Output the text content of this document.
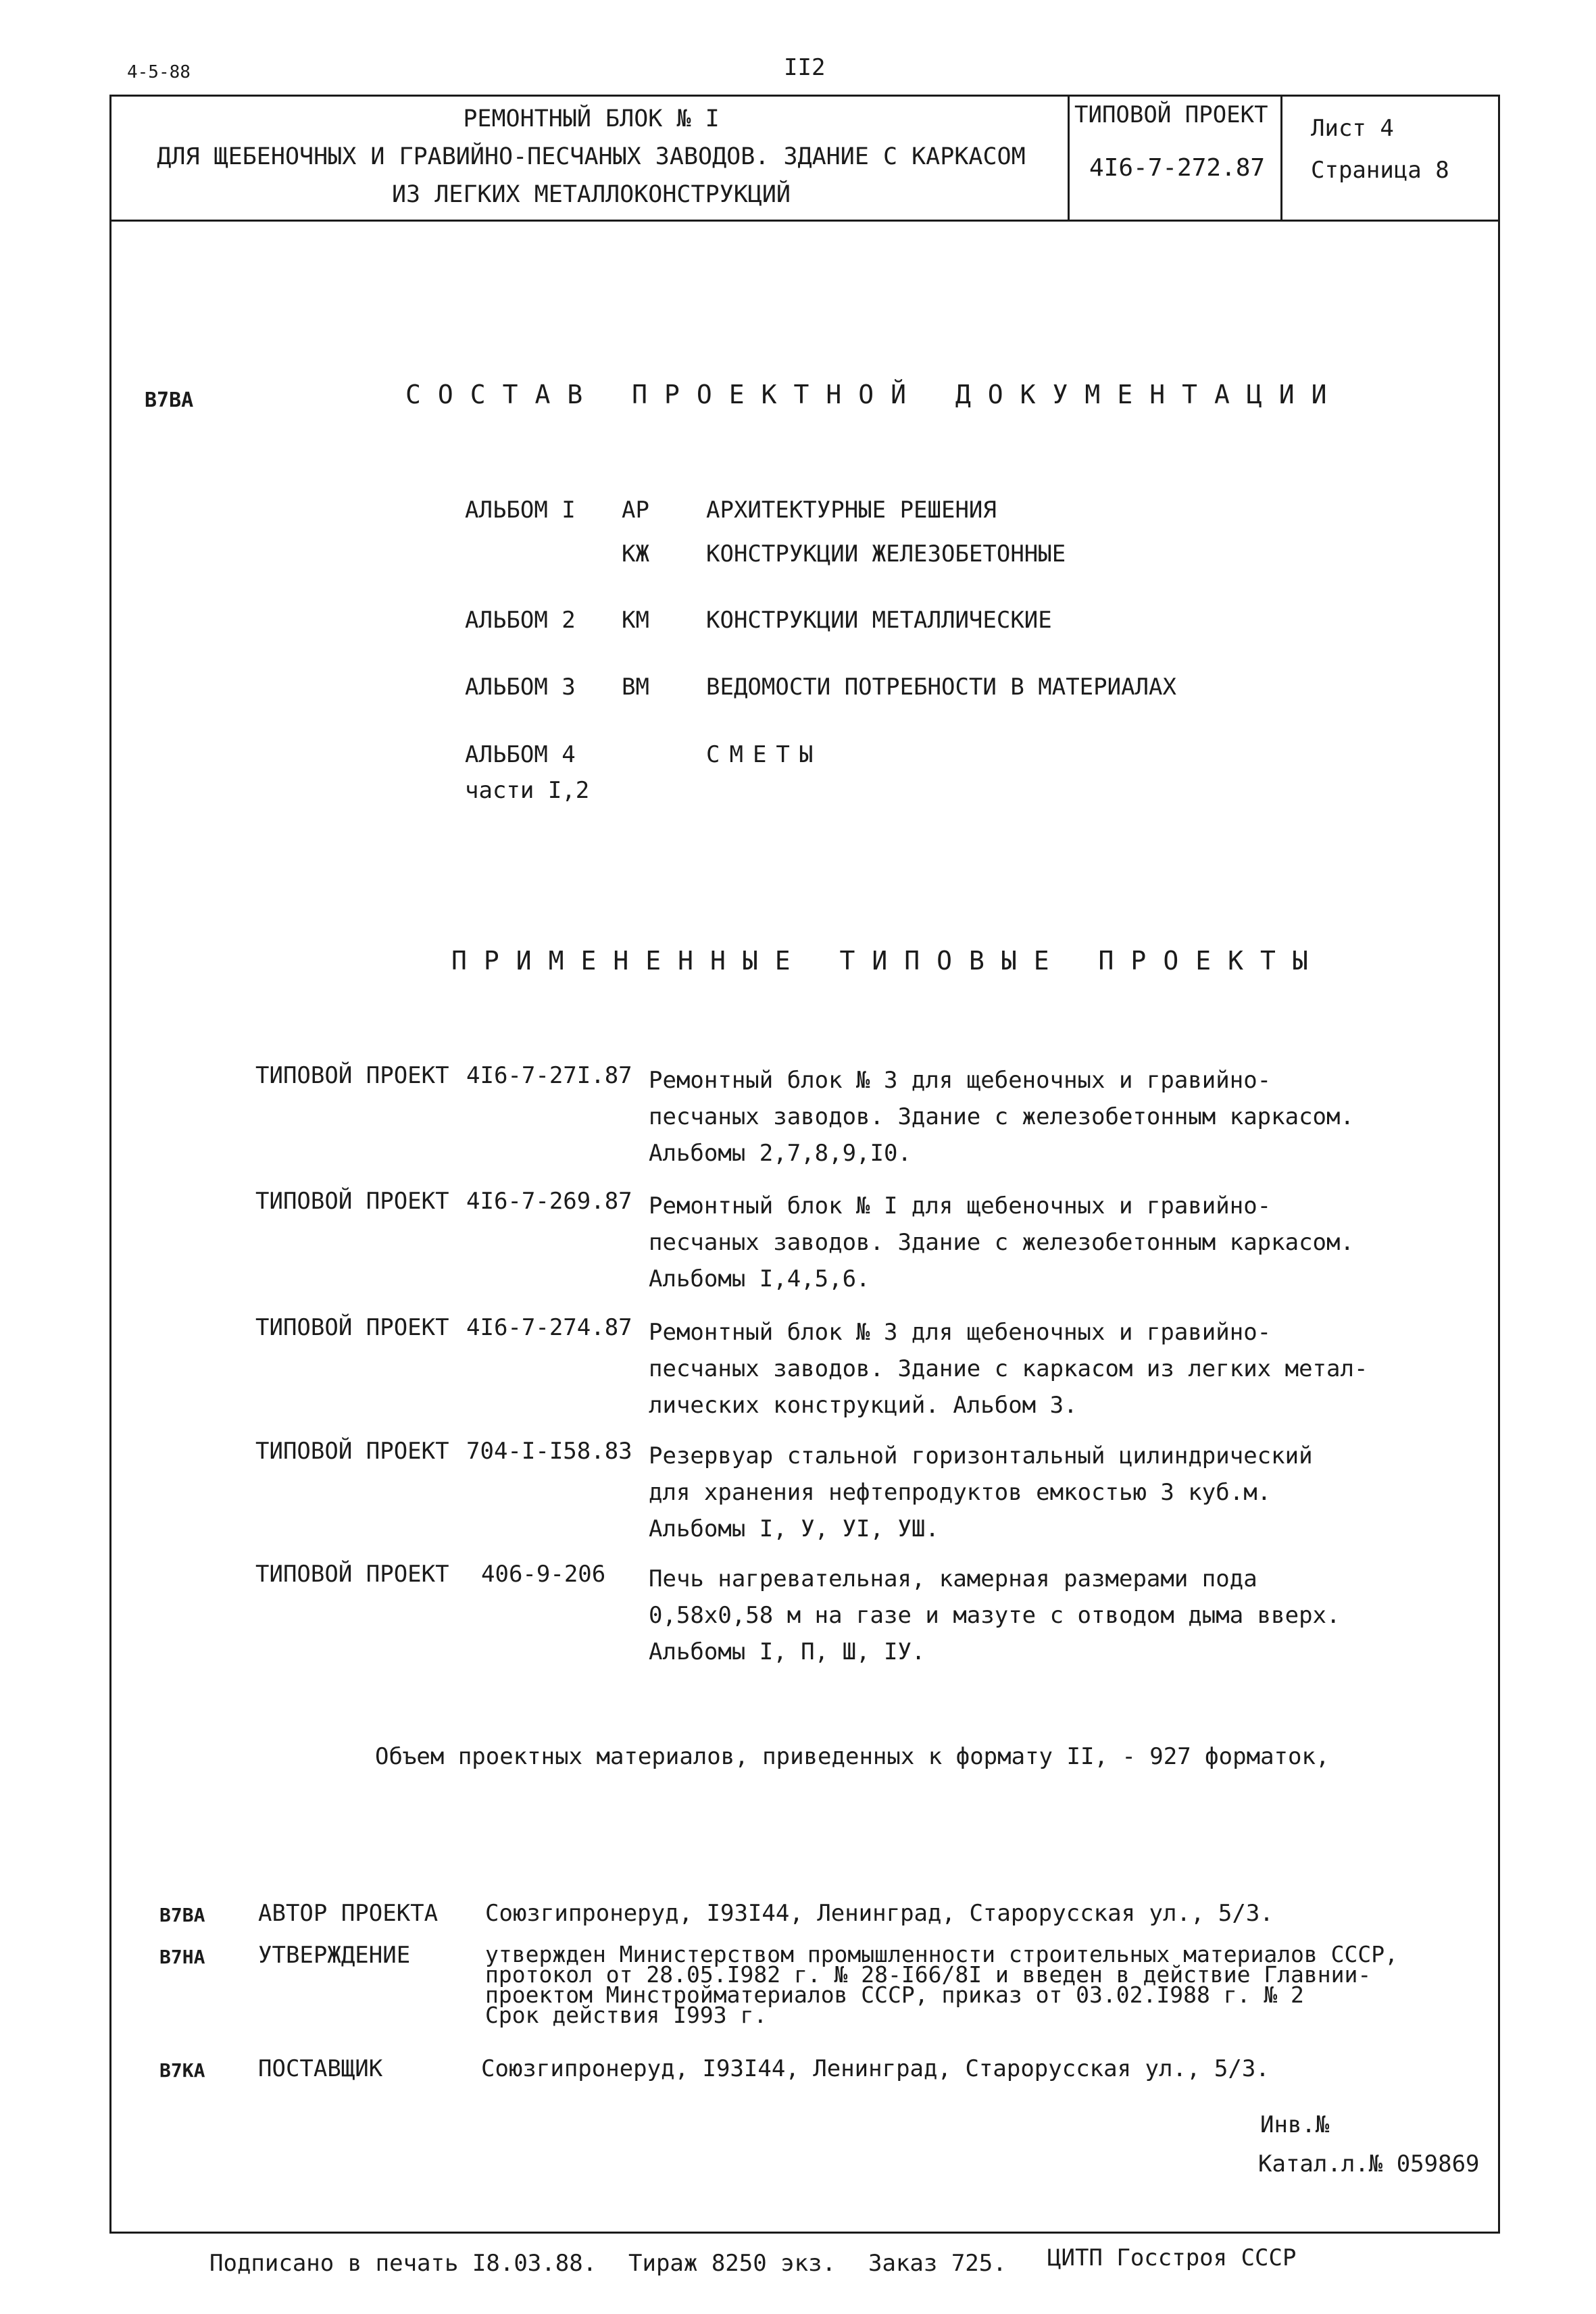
4-5-88	II2
РЕМОНТНЫЙ БЛОК № I
ДЛЯ ЩЕБЕНОЧНЫХ И ГРАВИЙНО-ПЕСЧАНЫХ ЗАВОДОВ. ЗДАНИЕ С КАРКАСОМ
ИЗ ЛЕГКИХ МЕТАЛЛОКОНСТРУКЦИЙ
ТИПОВОЙ ПРОЕКТ
4I6-7-272.87
Лист 4
Страница 8
В7ВА	СОСТАВ ПРОЕКТНОЙ ДОКУМЕНТАЦИИ
АЛЬБОМ I АР АРХИТЕКТУРНЫЕ РЕШЕНИЯ
КЖ КОНСТРУКЦИИ ЖЕЛЕЗОБЕТОННЫЕ
АЛЬБОМ 2 КМ КОНСТРУКЦИИ МЕТАЛЛИЧЕСКИЕ
АЛЬБОМ 3 ВМ ВЕДОМОСТИ ПОТРЕБНОСТИ В МАТЕРИАЛАХ
АЛЬБОМ 4	СМЕТЫ
части I,2
ПРИМЕНЕННЫЕ ТИПОВЫЕ ПРОЕКТЫ
ТИПОВОЙ ПРОЕКТ 4I6-7-27I.87 Ремонтный блок № 3 для щебеночных и гравийно-
песчаных заводов. Здание с железобетонным каркасом.
Альбомы 2,7,8,9,I0.
ТИПОВОЙ ПРОЕКТ 4I6-7-269.87 Ремонтный блок № I для щебеночных и гравийно-
песчаных заводов. Здание с железобетонным каркасом.
Альбомы I,4,5,6.
ТИПОВОЙ ПРОЕКТ 4I6-7-274.87 Ремонтный блок № 3 для щебеночных и гравийно-
песчаных заводов. Здание с каркасом из легких метал-
лических конструкций. Альбом 3.
ТИПОВОЙ ПРОЕКТ 704-I-I58.83 Резервуар стальной горизонтальный цилиндрический
для хранения нефтепродуктов емкостью 3 куб.м.
Альбомы I, У, УI, УШ.
ТИПОВОЙ ПРОЕКТ 406-9-206 Печь нагревательная, камерная размерами пода
0,58х0,58 м на газе и мазуте с отводом дыма вверх.
Альбомы I, П, Ш, IУ.
Объем проектных материалов, приведенных к формату II, - 927 форматок,
В7ВА АВТОР ПРОЕКТА Союзгипронеруд, I93I44, Ленинград, Старорусская ул., 5/3.
В7НА УТВЕРЖДЕНИЕ	утвержден Министерством промышленности строительных материалов СССР,
протокол от 28.05.I982 г. № 28-I66/8I и введен в действие Главнии-
проектом Минстройматериалов СССР, приказ от 03.02.I988 г. № 2
Срок действия I993 г.
В7КА ПОСТАВЩИК	Союзгипронеруд, I93I44, Ленинград, Старорусская ул., 5/3.
Инв.№
Катал.л.№ 059869
Подписано в печать I8.03.88. Тираж 8250 экз. Заказ 725. ЦИТП Госстроя СССР
